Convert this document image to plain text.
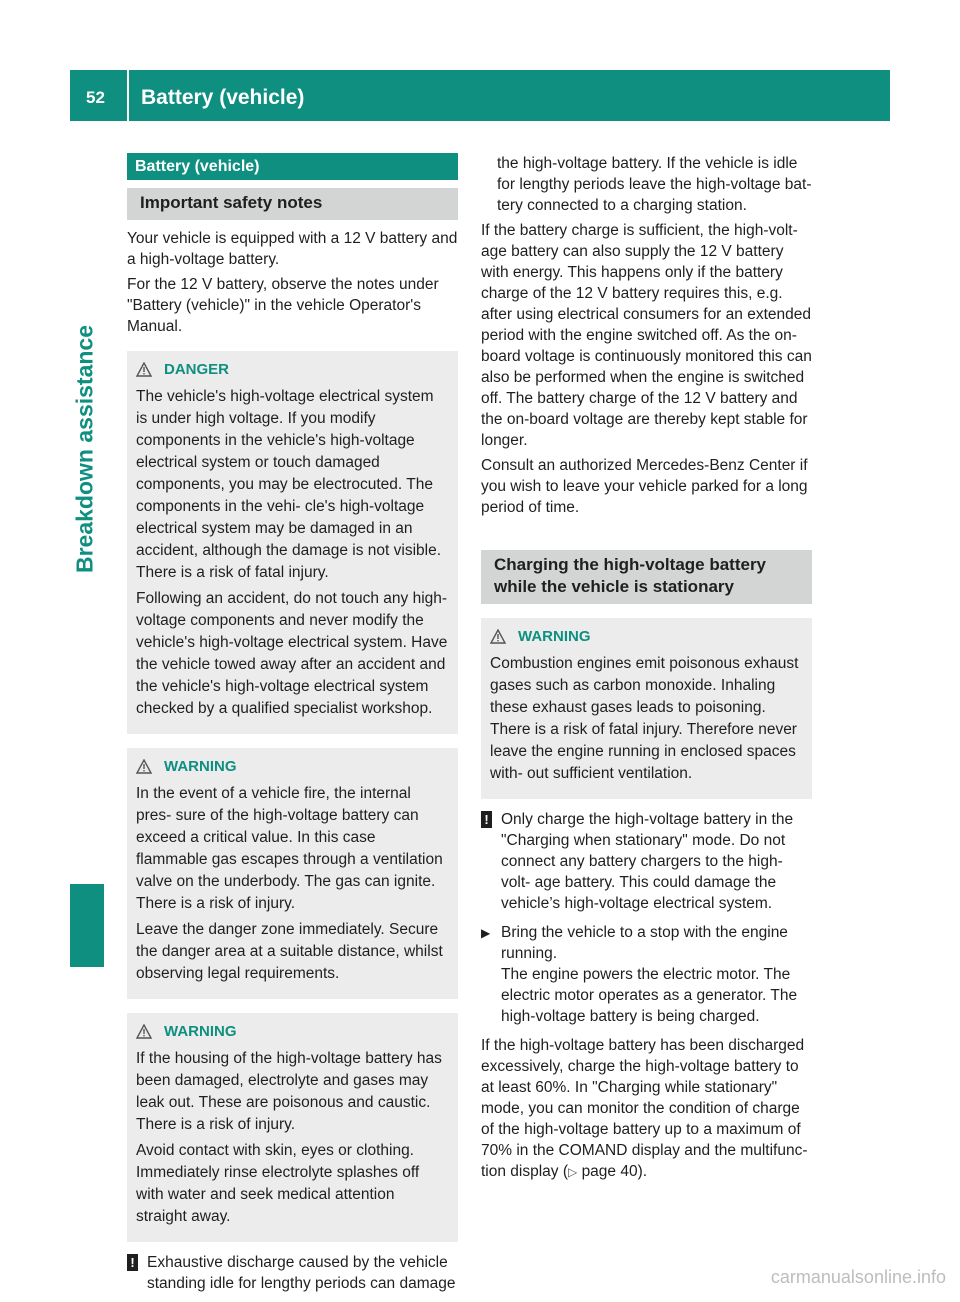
52 Battery (vehicle)
Breakdown assistance
Battery (vehicle)
Important safety notes

Your vehicle is equipped with a 12 V battery and a high-voltage battery.

For the 12 V battery, observe the notes under "Battery (vehicle)" in the vehicle Operator's Manual.

DANGER

The vehicle's high-voltage electrical system is under high voltage. If you modify components in the vehicle's high-voltage electrical system or touch damaged components, you may be electrocuted. The components in the vehi- cle's high-voltage electrical system may be damaged in an accident, although the damage is not visible. There is a risk of fatal injury.

Following an accident, do not touch any high- voltage components and never modify the vehicle's high-voltage electrical system. Have the vehicle towed away after an accident and the vehicle's high-voltage electrical system checked by a qualified specialist workshop.

WARNING

In the event of a vehicle fire, the internal pres- sure of the high-voltage battery can exceed a critical value. In this case flammable gas escapes through a ventilation valve on the underbody. The gas can ignite. There is a risk of injury.

Leave the danger zone immediately. Secure the danger area at a suitable distance, whilst observing legal requirements.

WARNING

If the housing of the high-voltage battery has been damaged, electrolyte and gases may leak out. These are poisonous and caustic. There is a risk of injury.

Avoid contact with skin, eyes or clothing. Immediately rinse electrolyte splashes off with water and seek medical attention straight away.

! Exhaustive discharge caused by the vehicle standing idle for lengthy periods can damage

the high-voltage battery. If the vehicle is idle for lengthy periods leave the high-voltage bat- tery connected to a charging station.

If the battery charge is sufficient, the high-volt- age battery can also supply the 12 V battery with energy. This happens only if the battery charge of the 12 V battery requires this, e.g. after using electrical consumers for an extended period with the engine switched off. As the on-board voltage is continuously monitored this can also be performed when the engine is switched off. The battery charge of the 12 V battery and the on-board voltage are thereby kept stable for longer.

Consult an authorized Mercedes-Benz Center if you wish to leave your vehicle parked for a long period of time.

Charging the high-voltage battery while the vehicle is stationary
WARNING

Combustion engines emit poisonous exhaust gases such as carbon monoxide. Inhaling these exhaust gases leads to poisoning. There is a risk of fatal injury. Therefore never leave the engine running in enclosed spaces with- out sufficient ventilation.

! Only charge the high-voltage battery in the "Charging when stationary" mode. Do not connect any battery chargers to the high-volt- age battery. This could damage the vehicle’s high-voltage electrical system.
▶ Bring the vehicle to a stop with the engine running.
The engine powers the electric motor. The electric motor operates as a generator. The high-voltage battery is being charged.

If the high-voltage battery has been discharged excessively, charge the high-voltage battery to at least 60%. In "Charging while stationary" mode, you can monitor the condition of charge of the high-voltage battery up to a maximum of 70% in the COMAND display and the multifunc- tion display (▷ page 40).

carmanualsonline.info
